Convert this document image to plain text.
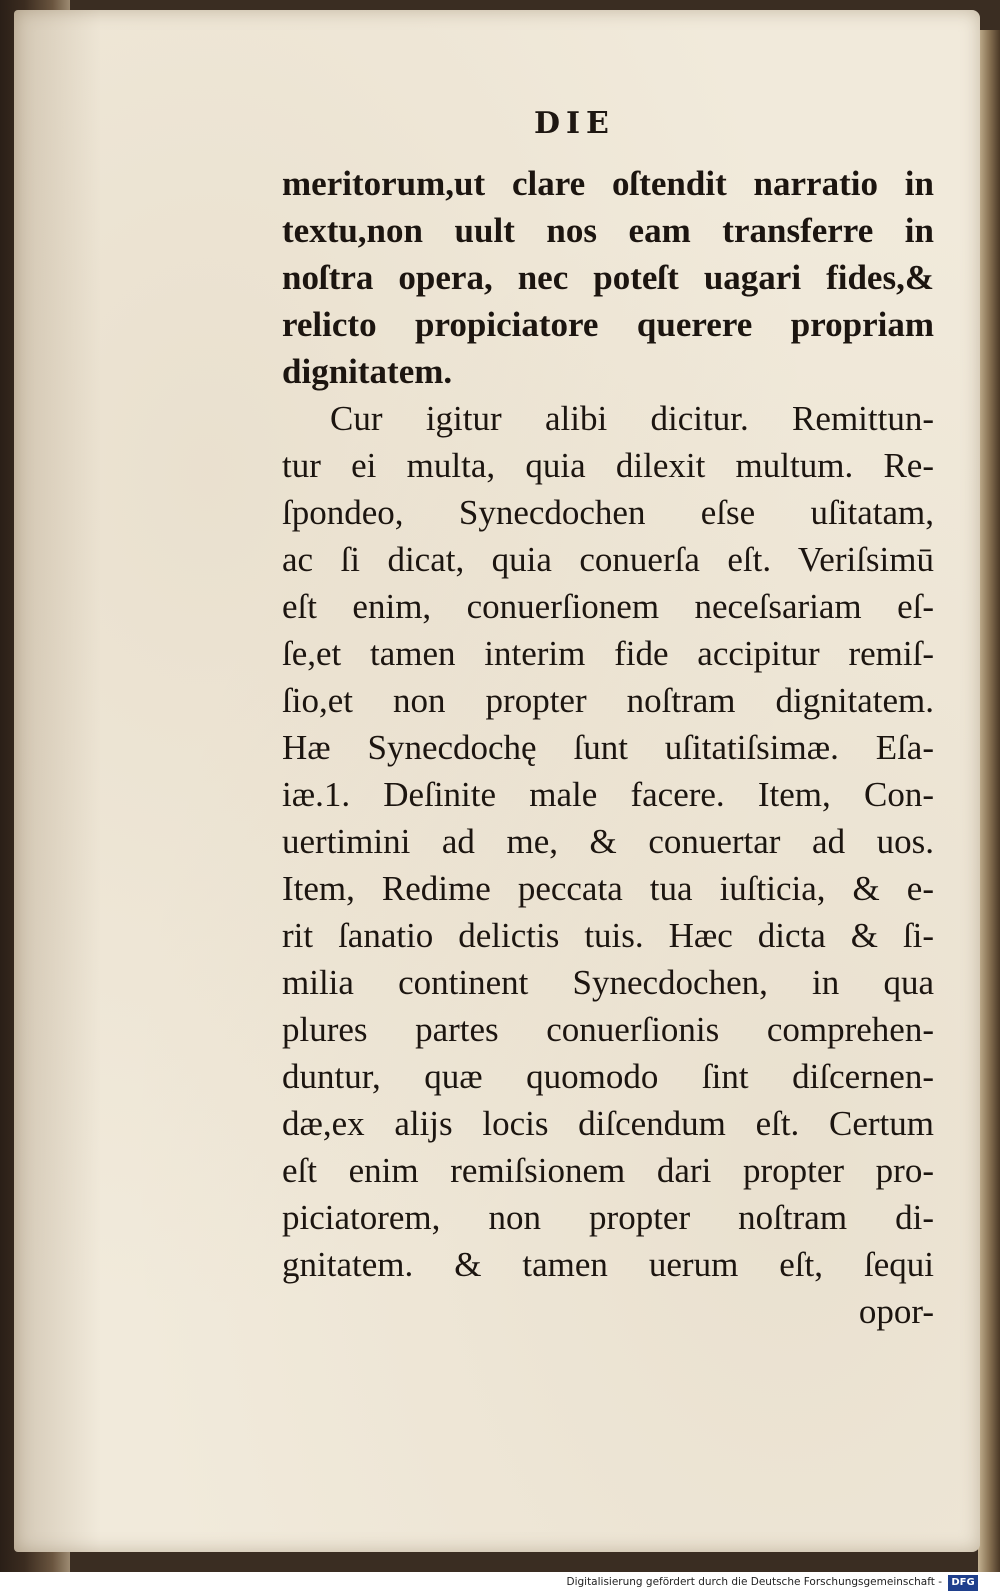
DIE
meritorum,ut clare oſtendit narratio in
textu,non uult nos eam transferre in
noſtra opera, nec poteſt uagari fides,&
relicto propiciatore querere propriam
dignitatem.
Cur igitur alibi dicitur. Remittun-
tur ei multa, quia dilexit multum. Re-
ſpondeo, Synecdochen eſse uſitatam,
ac ſi dicat, quia conuerſa eſt. Veriſsimū
eſt enim, conuerſionem neceſsariam eſ-
ſe,et tamen interim fide accipitur remiſ-
ſio,et non propter noſtram dignitatem.
Hæ Synecdochę ſunt uſitatiſsimæ. Eſa-
iæ.1. Deſinite male facere. Item, Con-
uertimini ad me, & conuertar ad uos.
Item, Redime peccata tua iuſticia, & e-
rit ſanatio delictis tuis. Hæc dicta & ſi-
milia continent Synecdochen, in qua
plures partes conuerſionis comprehen-
duntur, quæ quomodo ſint diſcernen-
dæ,ex alijs locis diſcendum eſt. Certum
eſt enim remiſsionem dari propter pro-
piciatorem, non propter noſtram di-
gnitatem. & tamen uerum eſt, ſequi
opor-
Digitalisierung gefördert durch die Deutsche Forschungsgemeinschaft - DFG
